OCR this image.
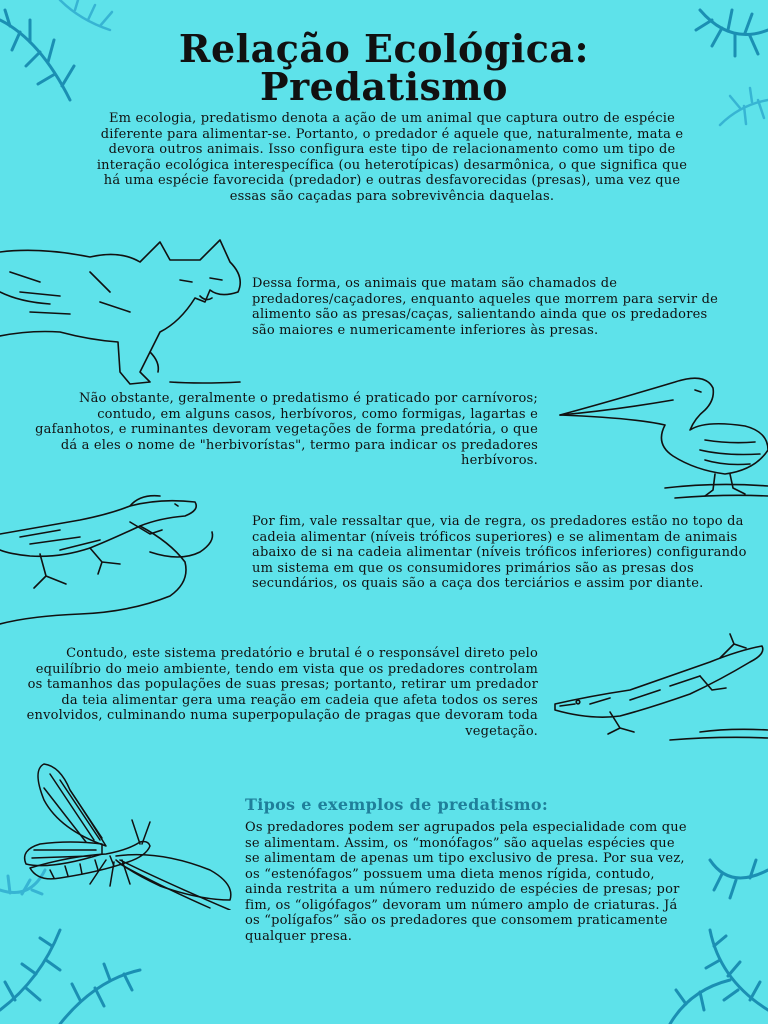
Relação Ecológica:
Predatismo

Em ecologia, predatismo denota a ação de um animal que captura outro de espécie diferente para alimentar-se. Portanto, o predador é aquele que, naturalmente, mata e devora outros animais. Isso configura este tipo de relacionamento como um tipo de interação ecológica interespecífica (ou heterotípicas) desarmônica, o que significa que há uma espécie favorecida (predador) e outras desfavorecidas (presas), uma vez que essas são caçadas para sobrevivência daquelas.

Dessa forma, os animais que matam são chamados de predadores/caçadores, enquanto aqueles que morrem para servir de alimento são as presas/caças, salientando ainda que os predadores são maiores e numericamente inferiores às presas.

Não obstante, geralmente o predatismo é praticado por carnívoros; contudo, em alguns casos, herbívoros, como formigas, lagartas e gafanhotos, e ruminantes devoram vegetações de forma predatória, o que dá a eles o nome de "herbivorístas", termo para indicar os predadores herbívoros.

Por fim, vale ressaltar que, via de regra, os predadores estão no topo da cadeia alimentar (níveis tróficos superiores) e se alimentam de animais abaixo de si na cadeia alimentar (níveis tróficos inferiores) configurando um sistema em que os consumidores primários são as presas dos secundários, os quais são a caça dos terciários e assim por diante.

Contudo, este sistema predatório e brutal é o responsável direto pelo equilíbrio do meio ambiente, tendo em vista que os predadores controlam os tamanhos das populações de suas presas; portanto, retirar um predador da teia alimentar gera uma reação em cadeia que afeta todos os seres envolvidos, culminando numa superpopulação de pragas que devoram toda vegetação.

Tipos e exemplos de predatismo:

Os predadores podem ser agrupados pela especialidade com que se alimentam. Assim, os “monófagos” são aquelas espécies que se alimentam de apenas um tipo exclusivo de presa. Por sua vez, os “estenófagos” possuem uma dieta menos rígida, contudo, ainda restrita a um número reduzido de espécies de presas; por fim, os “oligófagos” devoram um número amplo de criaturas. Já os “polígafos” são os predadores que consomem praticamente qualquer presa.
